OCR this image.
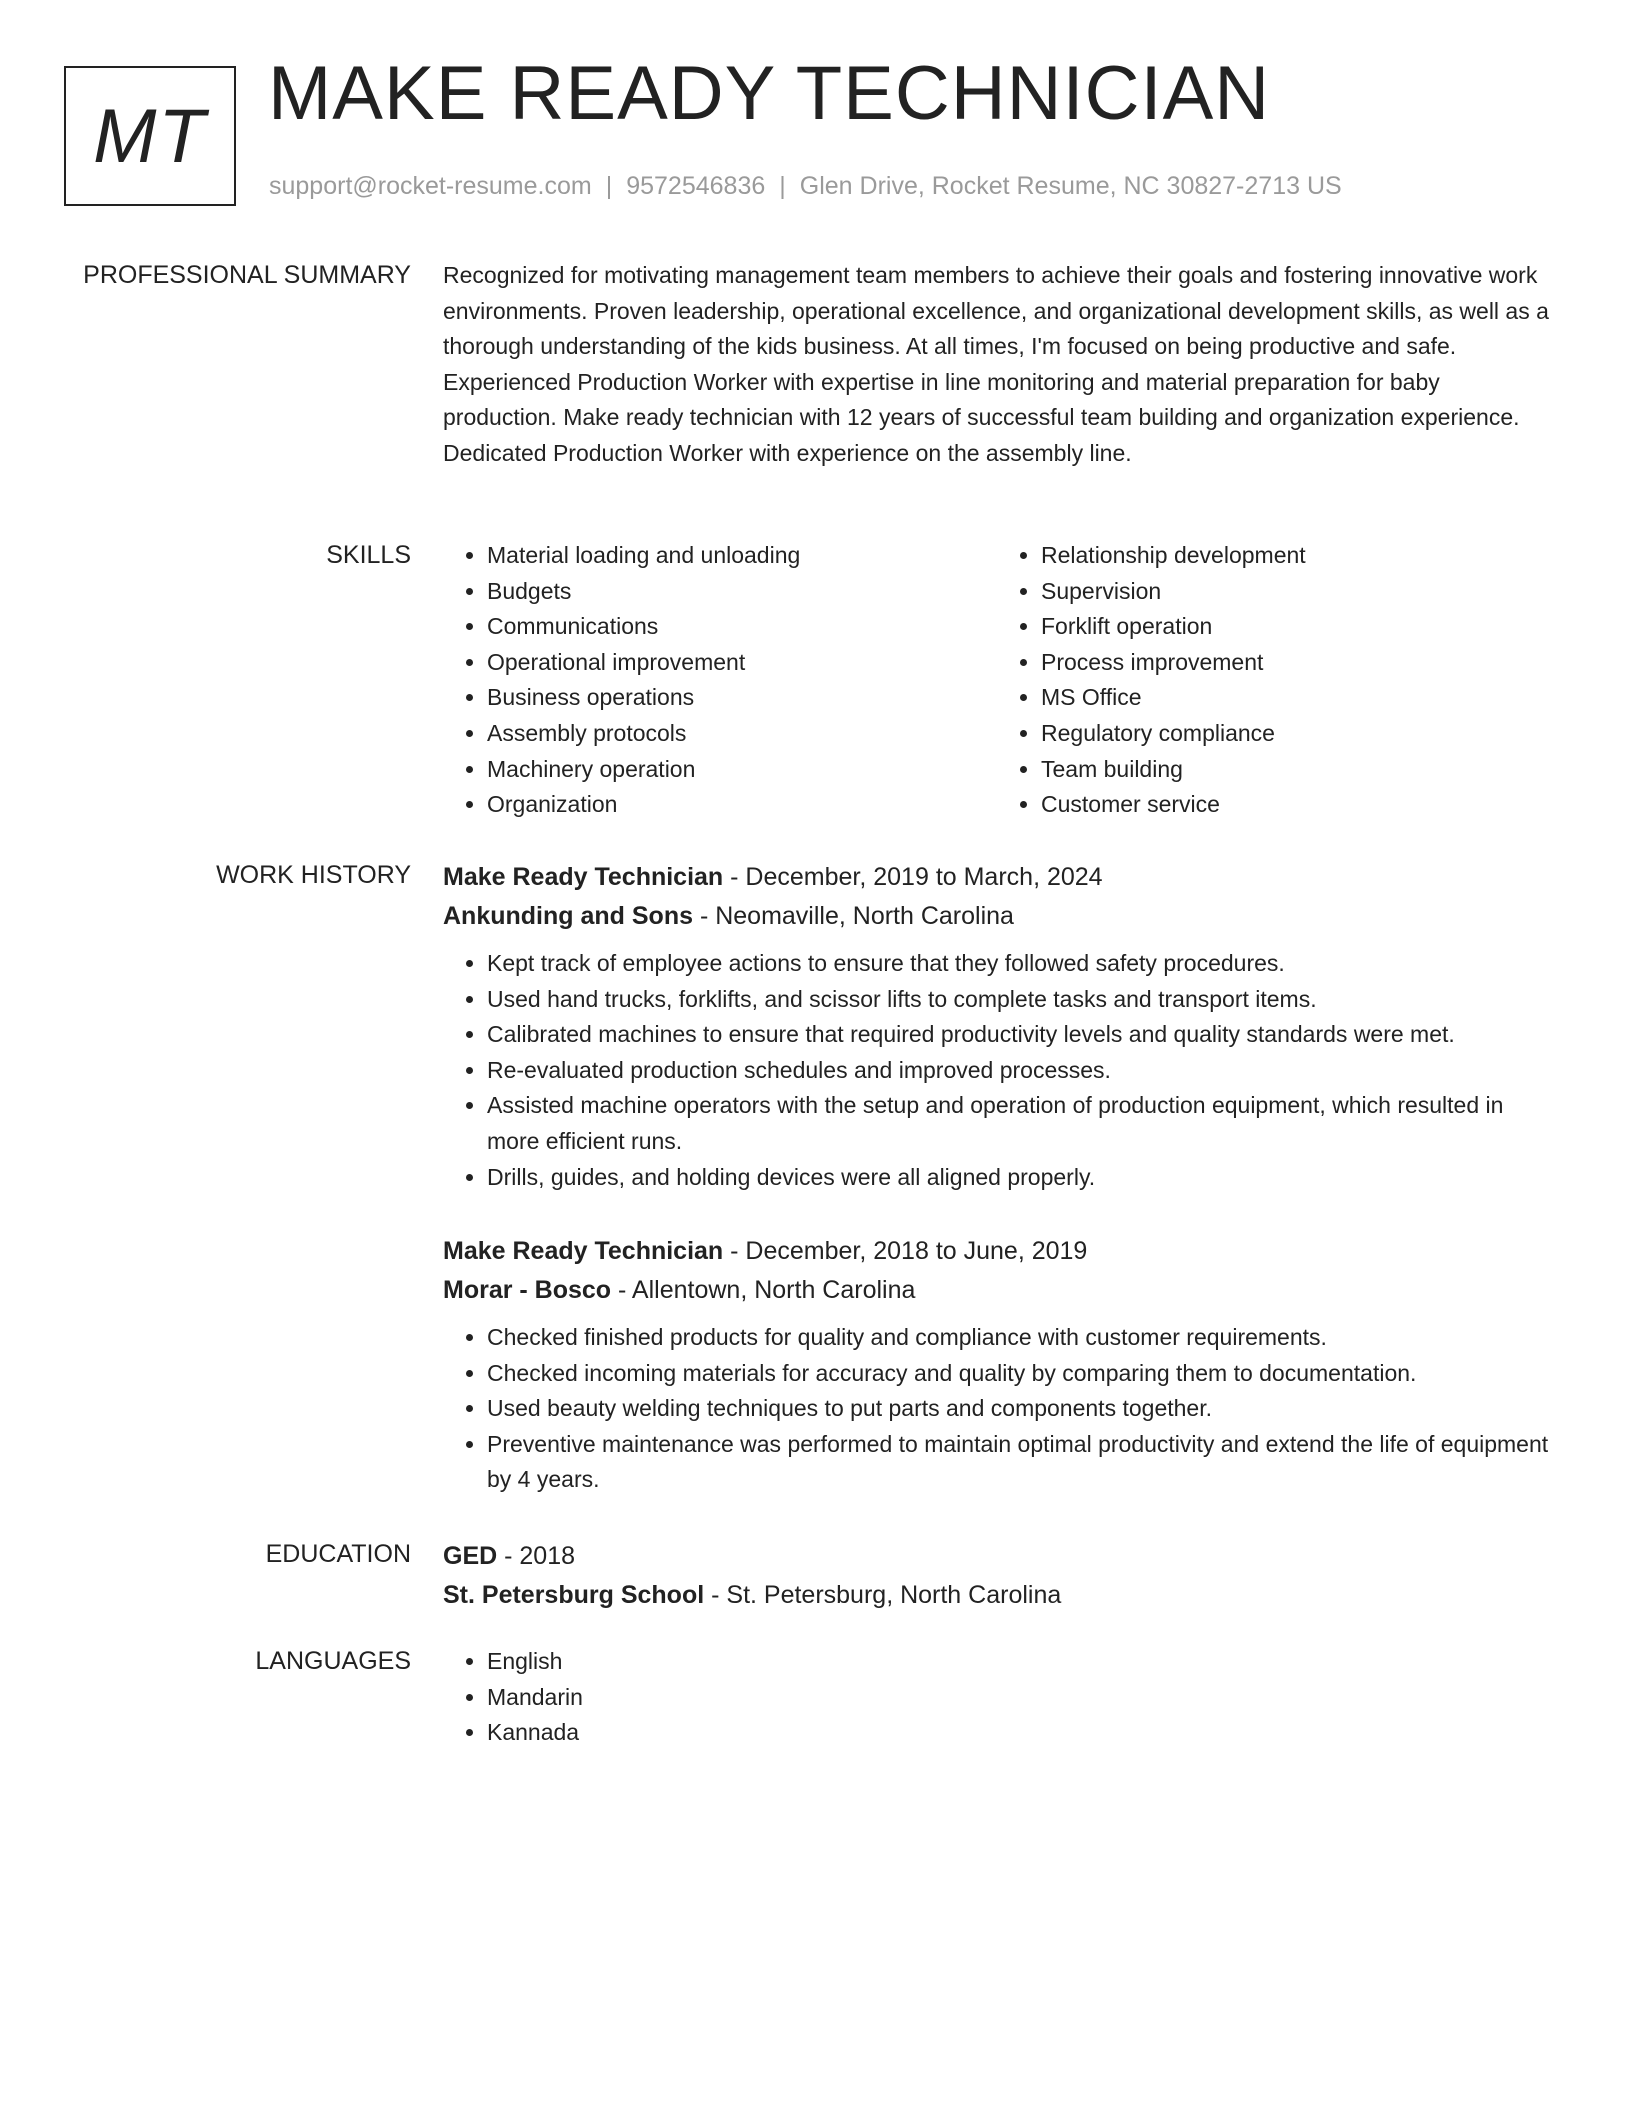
MT MAKE READY TECHNICIAN
support@rocket-resume.com | 9572546836 | Glen Drive, Rocket Resume, NC 30827-2713 US
PROFESSIONAL SUMMARY Recognized for motivating management team members to achieve their goals and fostering innovative work environments. Proven leadership, operational excellence, and organizational development skills, as well as a thorough understanding of the kids business. At all times, I'm focused on being productive and safe. Experienced Production Worker with expertise in line monitoring and material preparation for baby production. Make ready technician with 12 years of successful team building and organization experience. Dedicated Production Worker with experience on the assembly line.

SKILLS	• Material loading and unloading
• Budgets
• Communications
• Operational improvement
• Business operations
• Assembly protocols
• Machinery operation
• Organization
• Relationship development
• Supervision
• Forklift operation
• Process improvement
• MS Office
• Regulatory compliance
• Team building
• Customer service
WORK HISTORY Make Ready Technician - December, 2019 to March, 2024
Ankunding and Sons - Neomaville, North Carolina
• Kept track of employee actions to ensure that they followed safety procedures.
• Used hand trucks, forklifts, and scissor lifts to complete tasks and transport items.
• Calibrated machines to ensure that required productivity levels and quality standards were met.
• Re-evaluated production schedules and improved processes.
• Assisted machine operators with the setup and operation of production equipment, which resulted in more efficient runs.
• Drills, guides, and holding devices were all aligned properly.
Make Ready Technician - December, 2018 to June, 2019
Morar - Bosco - Allentown, North Carolina
• Checked finished products for quality and compliance with customer requirements.
• Checked incoming materials for accuracy and quality by comparing them to documentation.
• Used beauty welding techniques to put parts and components together.
• Preventive maintenance was performed to maintain optimal productivity and extend the life of equipment by 4 years.
EDUCATION GED - 2018
St. Petersburg School - St. Petersburg, North Carolina
LANGUAGES	• English
• Mandarin
• Kannada
